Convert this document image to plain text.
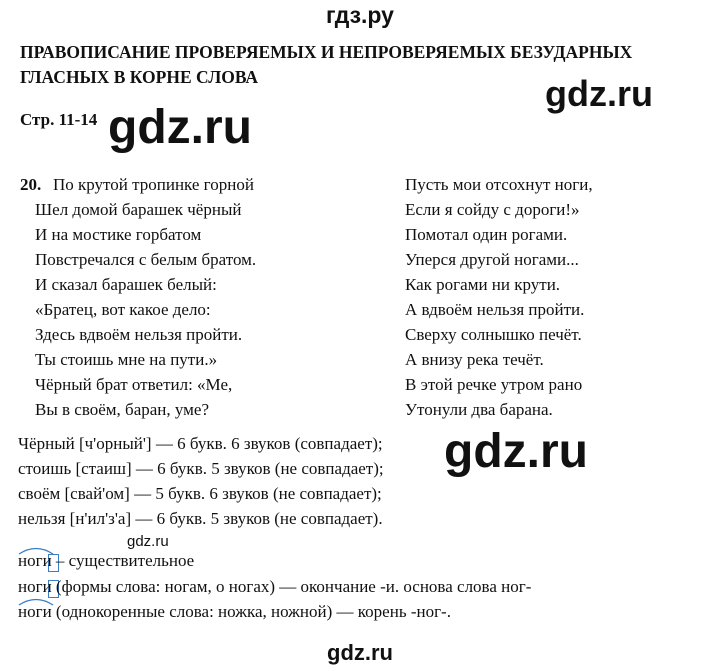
гдз.ру
ПРАВОПИСАНИЕ ПРОВЕРЯЕМЫХ И НЕПРОВЕРЯЕМЫХ БЕЗУДАРНЫХ
ГЛАСНЫХ В КОРНЕ СЛОВА	gdz.ru
Стр. 11-14 gdz.ru
20. По крутой тропинке горной
Шел домой барашек чёрный
И на мостике горбатом
Повстречался с белым братом.
И сказал барашек белый:
«Братец, вот какое дело:
Здесь вдвоём нельзя пройти.
Ты стоишь мне на пути.»
Чёрный брат ответил: «Ме,
Вы в своём, баран, уме?
Пусть мои отсохнут ноги,
Если я сойду с дороги!»
Помотал один рогами.
Уперся другой ногами...
Как рогами ни крути.
А вдвоём нельзя пройти.
Сверху солнышко печёт.
А внизу река течёт.
В этой речке утром рано
Утонули два барана.
Чёрный [ч'орный'] — 6 букв. 6 звуков (совпадает);
стоишь [стаиш] — 6 букв. 5 звуков (не совпадает);
своём [свай'ом] — 5 букв. 6 звуков (не совпадает);
нельзя [н'ил'з'а] — 6 букв. 5 звуков (не совпадает).
gdz.ru
gdz.ru
ноги – существительное
ноги (формы слова: ногам, о ногах) — окончание -и. основа слова ног-
ноги (однокоренные слова: ножка, ножной) — корень -ног-.
gdz.ru
